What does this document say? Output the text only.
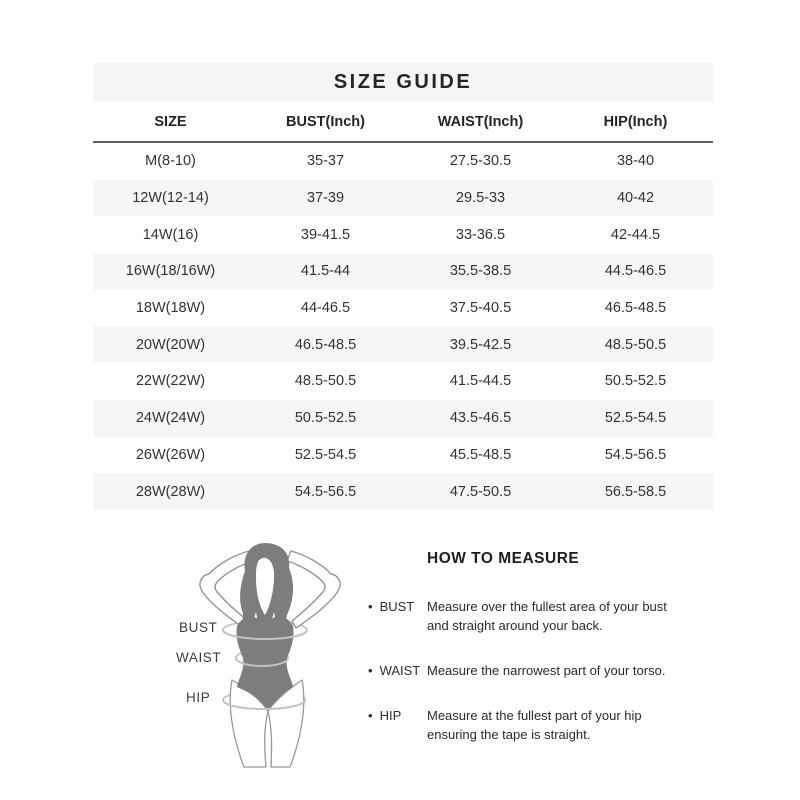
SIZE GUIDE
SIZE	BUST(Inch)	WAIST(Inch)	HIP(Inch)
M(8-10)	35-37	27.5-30.5	38-40
12W(12-14)	37-39	29.5-33	40-42
14W(16)	39-41.5	33-36.5	42-44.5
16W(18/16W)	41.5-44	35.5-38.5	44.5-46.5
18W(18W)	44-46.5	37.5-40.5	46.5-48.5
20W(20W)	46.5-48.5	39.5-42.5	48.5-50.5
22W(22W)	48.5-50.5	41.5-44.5	50.5-52.5
24W(24W)	50.5-52.5	43.5-46.5	52.5-54.5
26W(26W)	52.5-54.5	45.5-48.5	54.5-56.5
28W(28W)	54.5-56.5	47.5-50.5	56.5-58.5
BUST
WAIST
HIP
HOW TO MEASURE
•
BUST Measure over the fullest area of your bust
and straight around your back.
•
WAIST Measure the narrowest part of your torso.
•
HIP Measure at the fullest part of your hip
ensuring the tape is straight.
